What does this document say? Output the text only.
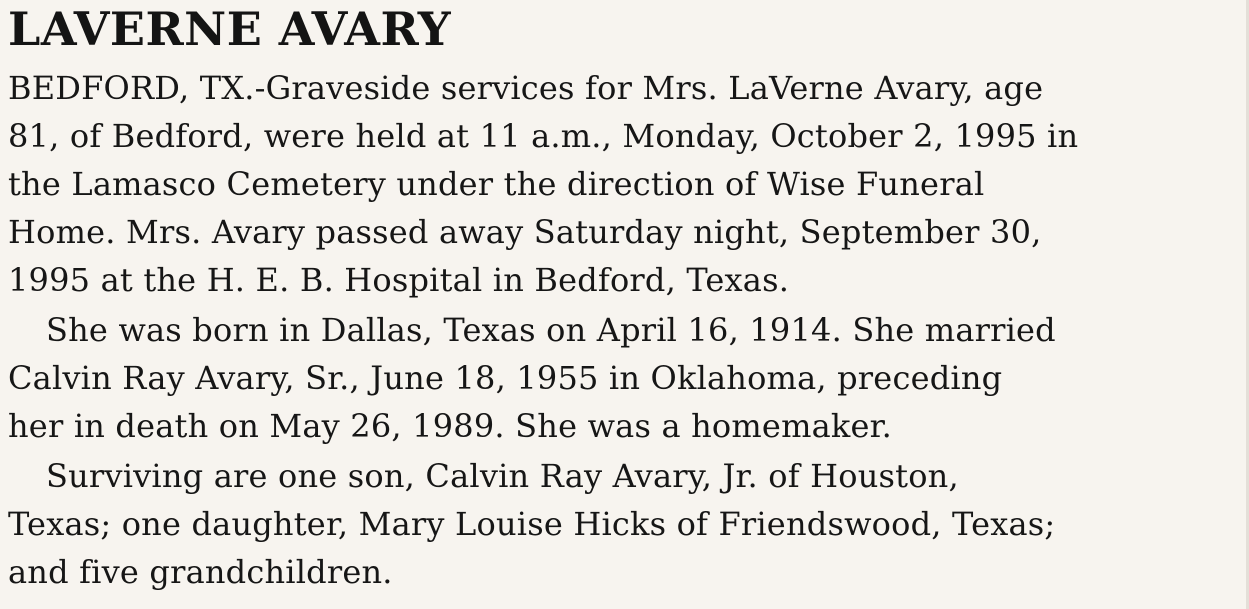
LAVERNE AVARY

BEDFORD, TX.-Graveside services for Mrs. LaVerne Avary, age

81, of Bedford, were held at 11 a.m., Monday, October 2, 1995 in

the Lamasco Cemetery under the direction of Wise Funeral

Home. Mrs. Avary passed away Saturday night, September 30,

1995 at the H. E. B. Hospital in Bedford, Texas.

She was born in Dallas, Texas on April 16, 1914. She married

Calvin Ray Avary, Sr., June 18, 1955 in Oklahoma, preceding

her in death on May 26, 1989. She was a homemaker.

Surviving are one son, Calvin Ray Avary, Jr. of Houston,

Texas; one daughter, Mary Louise Hicks of Friendswood, Texas;

and five grandchildren.
